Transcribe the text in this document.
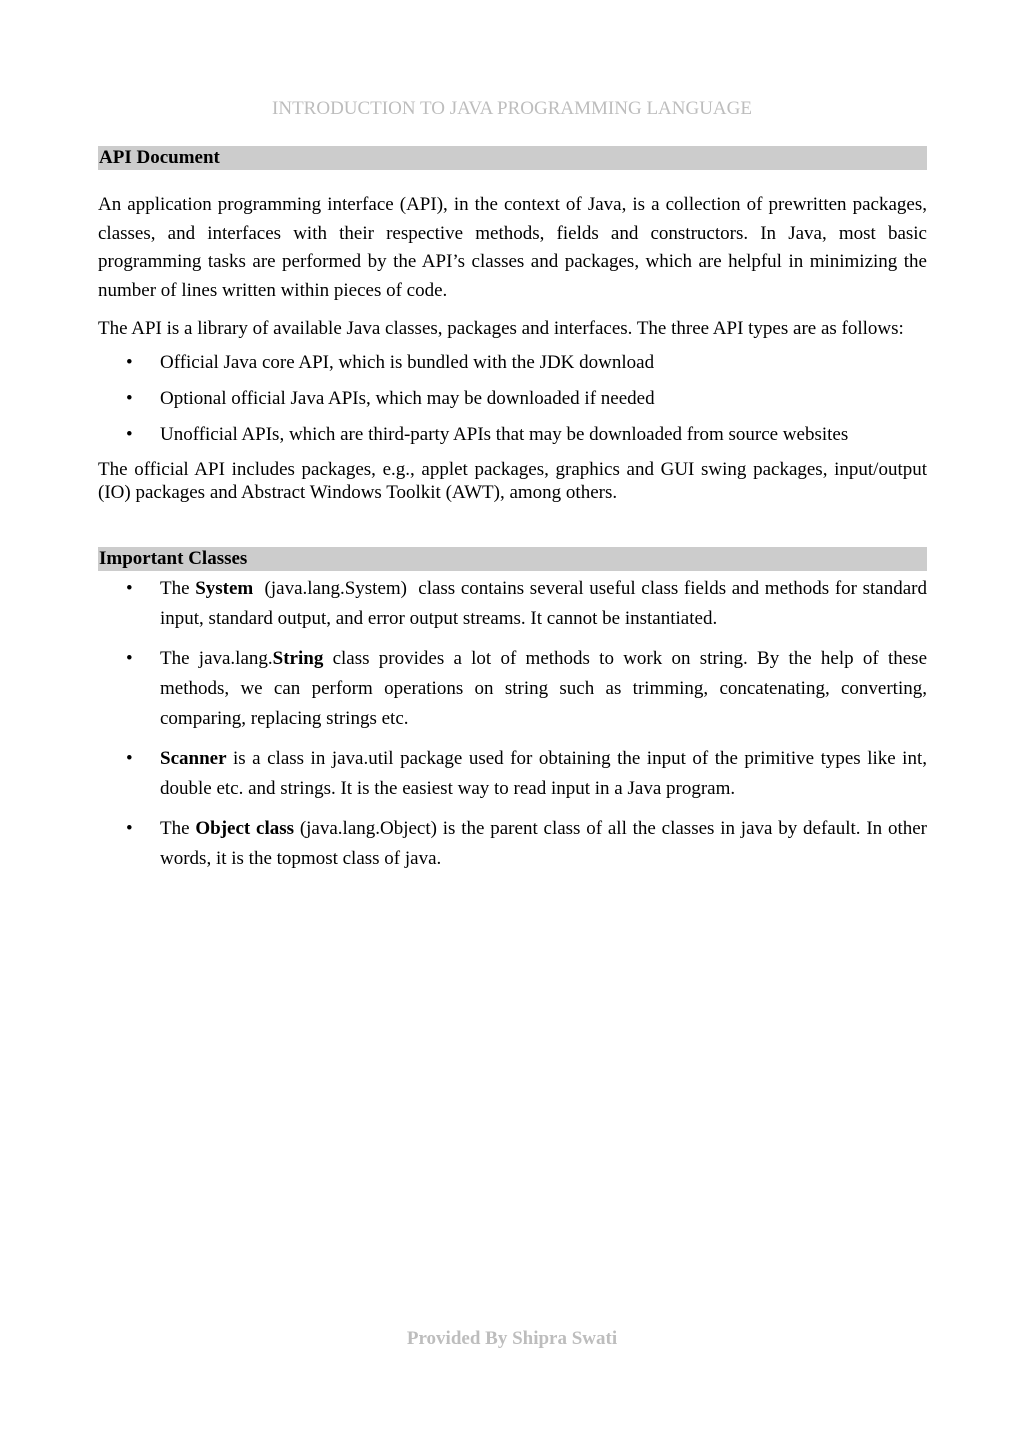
INTRODUCTION TO JAVA PROGRAMMING LANGUAGE
API Document

An application programming interface (API), in the context of Java, is a collection of prewritten packages, classes, and interfaces with their respective methods, fields and constructors. In Java, most basic programming tasks are performed by the API’s classes and packages, which are helpful in minimizing the number of lines written within pieces of code.

The API is a library of available Java classes, packages and interfaces. The three API types are as follows:

• Official Java core API, which is bundled with the JDK download
• Optional official Java APIs, which may be downloaded if needed
• Unofficial APIs, which are third-party APIs that may be downloaded from source websites

The official API includes packages, e.g., applet packages, graphics and GUI swing packages, input/output (IO) packages and Abstract Windows Toolkit (AWT), among others.

Important Classes
• The System  (java.lang.System)  class contains several useful class fields and methods for standard input, standard output, and error output streams. It cannot be instantiated.
• The java.lang.String class provides a lot of methods to work on string. By the help of these methods, we can perform operations on string such as trimming, concatenating, converting, comparing, replacing strings etc.
• Scanner is a class in java.util package used for obtaining the input of the primitive types like int, double etc. and strings. It is the easiest way to read input in a Java program.
• The Object class (java.lang.Object) is the parent class of all the classes in java by default. In other words, it is the topmost class of java.
Provided By Shipra Swati
